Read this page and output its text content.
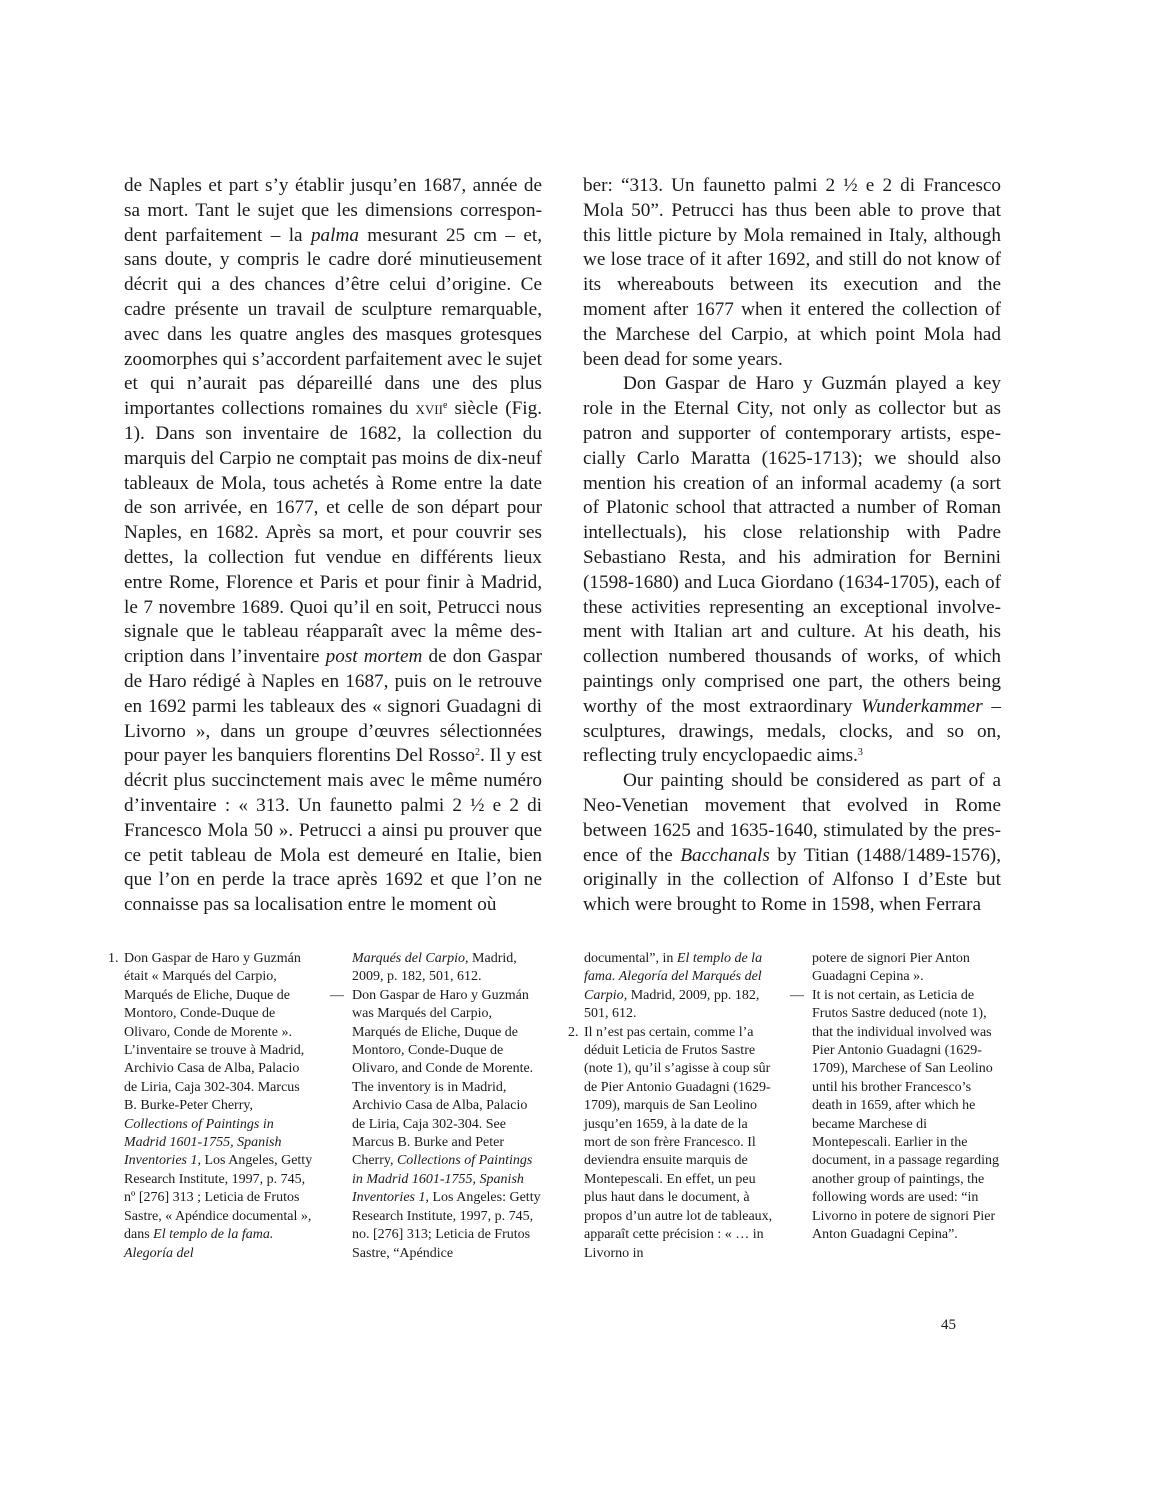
de Naples et part s’y établir jusqu’en 1687, année de sa mort. Tant le sujet que les dimensions correspondent parfaitement – la palma mesurant 25 cm – et, sans doute, y compris le cadre doré minutieusement décrit qui a des chances d’être celui d’origine. Ce cadre présente un travail de sculpture remarquable, avec dans les quatre angles des masques grotesques zoomorphes qui s’accordent parfaitement avec le sujet et qui n’aurait pas dépareillé dans une des plus importantes collections romaines du xvii$^e$ siècle (Fig. 1). Dans son inventaire de 1682, la collection du marquis del Carpio ne comptait pas moins de dix-neuf tableaux de Mola, tous achetés à Rome entre la date de son arrivée, en 1677, et celle de son départ pour Naples, en 1682. Après sa mort, et pour couvrir ses dettes, la collection fut vendue en différents lieux entre Rome, Florence et Paris et pour finir à Madrid, le 7 novembre 1689. Quoi qu’il en soit, Petrucci nous signale que le tableau réapparaît avec la même description dans l’inventaire post mortem de don Gaspar de Haro rédigé à Naples en 1687, puis on le retrouve en 1692 parmi les tableaux des « signori Guadagni di Livorno », dans un groupe d’œuvres sélectionnées pour payer les banquiers florentins Del Rosso$^2$. Il y est décrit plus succinctement mais avec le même numéro d’inventaire : « 313. Un faunetto palmi 2 ½ e 2 di Francesco Mola 50 ». Petrucci a ainsi pu prouver que ce petit tableau de Mola est demeuré en Italie, bien que l’on en perde la trace après 1692 et que l’on ne connaisse pas sa localisation entre le moment où

ber: “313. Un faunetto palmi 2 ½ e 2 di Francesco Mola 50”. Petrucci has thus been able to prove that this little picture by Mola remained in Italy, although we lose trace of it after 1692, and still do not know of its whereabouts between its execution and the moment after 1677 when it entered the collection of the Marchese del Carpio, at which point Mola had been dead for some years.

Don Gaspar de Haro y Guzmán played a key role in the Eternal City, not only as collector but as patron and supporter of contemporary artists, especially Carlo Maratta (1625-1713); we should also mention his creation of an informal academy (a sort of Platonic school that attracted a number of Roman intellectuals), his close relationship with Padre Sebastiano Resta, and his admiration for Bernini (1598-1680) and Luca Giordano (1634-1705), each of these activities representing an exceptional involvement with Italian art and culture. At his death, his collection numbered thousands of works, of which paintings only comprised one part, the others being worthy of the most extraordinary Wunderkammer – sculptures, drawings, medals, clocks, and so on, reflecting truly encyclopaedic aims.$^3$

Our painting should be considered as part of a Neo-Venetian movement that evolved in Rome between 1625 and 1635-1640, stimulated by the presence of the Bacchanals by Titian (1488/1489-1576), originally in the collection of Alfonso I d’Este but which were brought to Rome in 1598, when Ferrara

1. Don Gaspar de Haro y Guzmán était « Marqués del Carpio, Marqués de Eliche, Duque de Montoro, Conde-Duque de Olivaro, Conde de Morente ». L’inventaire se trouve à Madrid, Archivio Casa de Alba, Palacio de Liria, Caja 302-304. Marcus B. Burke-Peter Cherry, Collections of Paintings in Madrid 1601-1755, Spanish Inventories 1, Los Angeles, Getty Research Institute, 1997, p. 745, nº [276] 313 ; Leticia de Frutos Sastre, « Apéndice documental », dans El templo de la fama. Alegoría del
Marqués del Carpio, Madrid, 2009, p. 182, 501, 612.
— Don Gaspar de Haro y Guzmán was Marqués del Carpio, Marqués de Eliche, Duque de Montoro, Conde-Duque de Olivaro, and Conde de Morente. The inventory is in Madrid, Archivio Casa de Alba, Palacio de Liria, Caja 302-304. See Marcus B. Burke and Peter Cherry, Collections of Paintings in Madrid 1601-1755, Spanish Inventories 1, Los Angeles: Getty Research Institute, 1997, p. 745, no. [276] 313; Leticia de Frutos Sastre, “Apéndice
documental”, in El templo de la fama. Alegoría del Marqués del Carpio, Madrid, 2009, pp. 182, 501, 612.
2. Il n’est pas certain, comme l’a déduit Leticia de Frutos Sastre (note 1), qu’il s’agisse à coup sûr de Pier Antonio Guadagni (1629-1709), marquis de San Leolino jusqu’en 1659, à la date de la mort de son frère Francesco. Il deviendra ensuite marquis de Montepescali. En effet, un peu plus haut dans le document, à propos d’un autre lot de tableaux, apparaît cette précision : « … in Livorno in
potere de signori Pier Anton Guadagni Cepina ».
— It is not certain, as Leticia de Frutos Sastre deduced (note 1), that the individual involved was Pier Antonio Guadagni (1629-1709), Marchese of San Leolino until his brother Francesco’s death in 1659, after which he became Marchese di Montepescali. Earlier in the document, in a passage regarding another group of paintings, the following words are used: “in Livorno in potere de signori Pier Anton Guadagni Cepina”.
45
